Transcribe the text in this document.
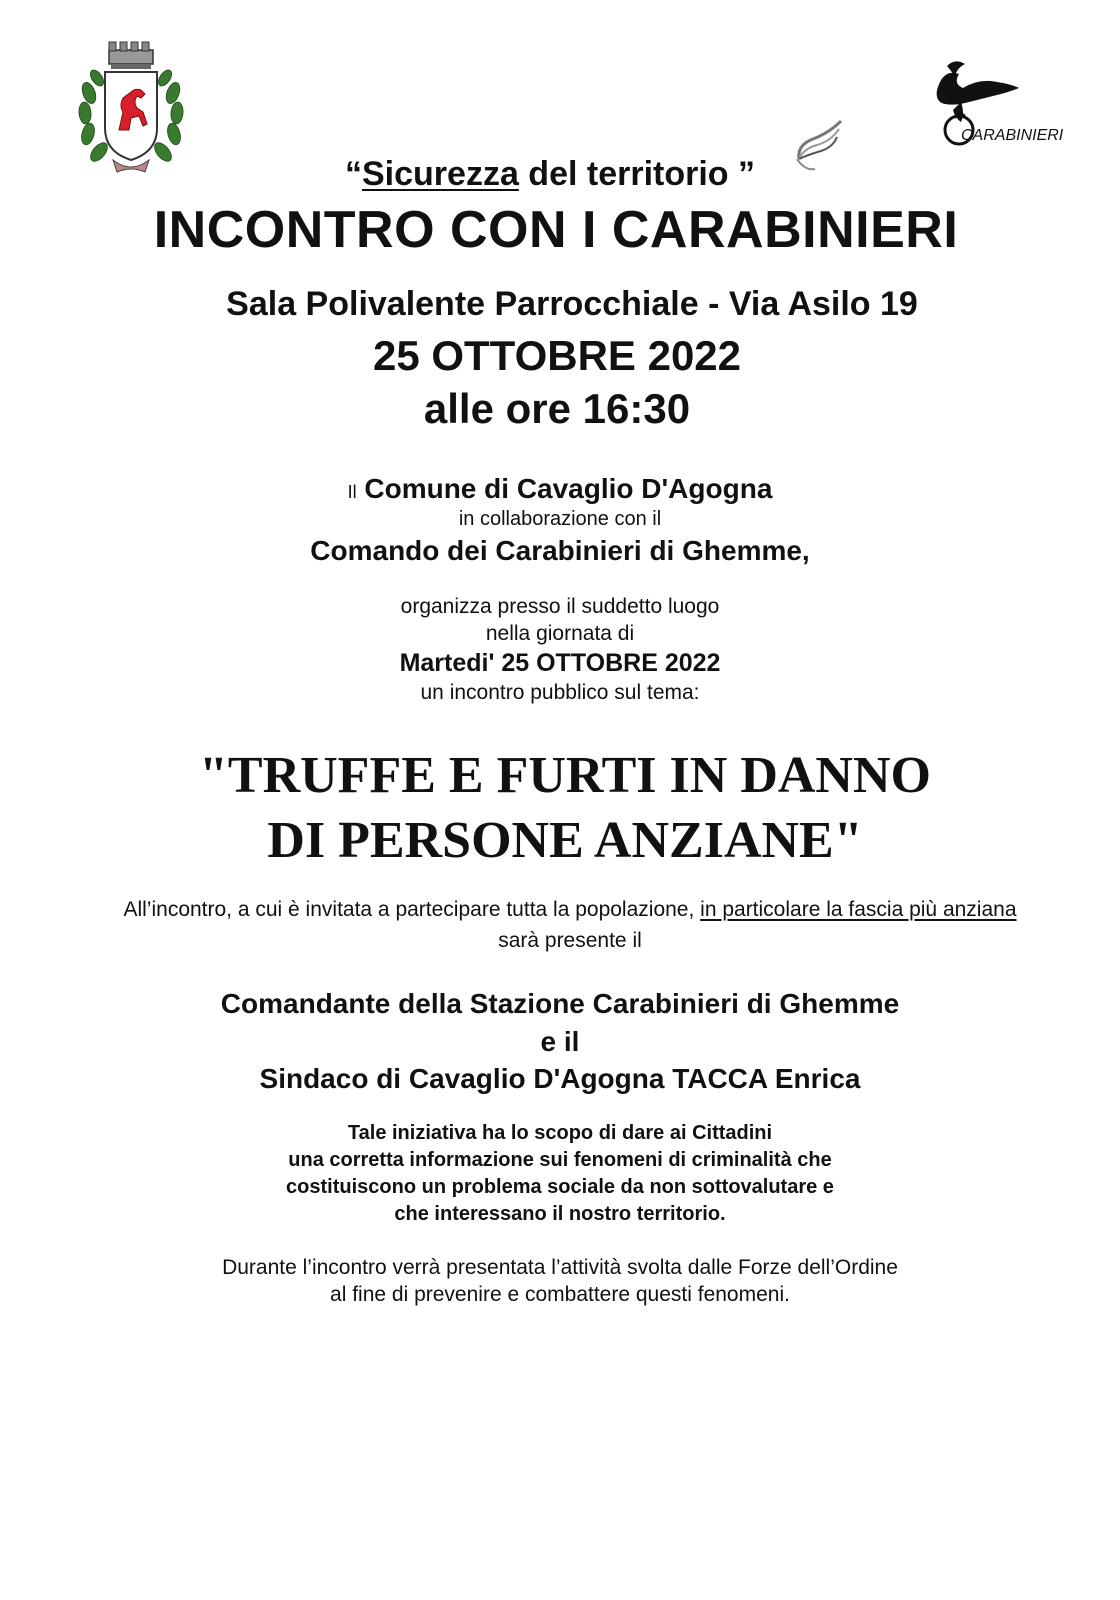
CARABINIERI
“Sicurezza del territorio ”
INCONTRO CON I CARABINIERI
Sala Polivalente Parrocchiale - Via Asilo 19
25 OTTOBRE 2022
alle ore 16:30
Il Comune di Cavaglio D'Agogna
in collaborazione con il
Comando dei Carabinieri di Ghemme,
organizza presso il suddetto luogo
nella giornata di
Martedi' 25 OTTOBRE 2022
un incontro pubblico sul tema:
"TRUFFE E FURTI IN DANNO
DI PERSONE ANZIANE"
All’incontro, a cui è invitata a partecipare tutta la popolazione, in particolare la fascia più anziana
sarà presente il
Comandante della Stazione Carabinieri di Ghemme
e il
Sindaco di Cavaglio D'Agogna TACCA Enrica
Tale iniziativa ha lo scopo di dare ai Cittadini
una corretta informazione sui fenomeni di criminalità che
costituiscono un problema sociale da non sottovalutare e
che interessano il nostro territorio.
Durante l’incontro verrà presentata l’attività svolta dalle Forze dell’Ordine
al fine di prevenire e combattere questi fenomeni.
